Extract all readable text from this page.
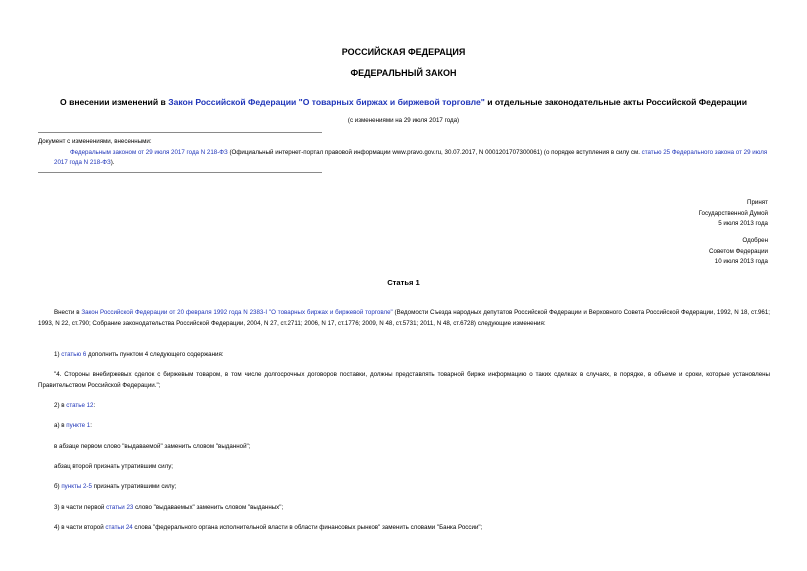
РОССИЙСКАЯ ФЕДЕРАЦИЯ
ФЕДЕРАЛЬНЫЙ ЗАКОН
О внесении изменений в Закон Российской Федерации "О товарных биржах и биржевой торговле" и отдельные законодательные акты Российской Федерации
(с изменениями на 29 июля 2017 года)
Документ с изменениями, внесенными:
Федеральным законом от 29 июля 2017 года N 218-ФЗ (Официальный интернет-портал правовой информации www.pravo.gov.ru, 30.07.2017, N 0001201707300061) (о порядке вступления в силу см. статью 25 Федерального закона от 29 июля 2017 года N 218-ФЗ).
Принят
Государственной Думой
5 июля 2013 года
Одобрен
Советом Федерации
10 июля 2013 года
Статья 1
Внести в Закон Российской Федерации от 20 февраля 1992 года N 2383-I "О товарных биржах и биржевой торговле" (Ведомости Съезда народных депутатов Российской Федерации и Верховного Совета Российской Федерации, 1992, N 18, ст.961; 1993, N 22, ст.790; Собрание законодательства Российской Федерации, 2004, N 27, ст.2711; 2006, N 17, ст.1776; 2009, N 48, ст.5731; 2011, N 48, ст.6728) следующие изменения:
1) статью 6 дополнить пунктом 4 следующего содержания:
"4. Стороны внебиржевых сделок с биржевым товаром, в том числе долгосрочных договоров поставки, должны представлять товарной бирже информацию о таких сделках в случаях, в порядке, в объеме и сроки, которые установлены Правительством Российской Федерации.";
2) в статье 12:
а) в пункте 1:
в абзаце первом слово "выдаваемой" заменить словом "выданной";
абзац второй признать утратившим силу;
б) пункты 2-5 признать утратившими силу;
3) в части первой статьи 23 слово "выдаваемых" заменить словом "выданных";
4) в части второй статьи 24 слова "федерального органа исполнительной власти в области финансовых рынков" заменить словами "Банка России";
